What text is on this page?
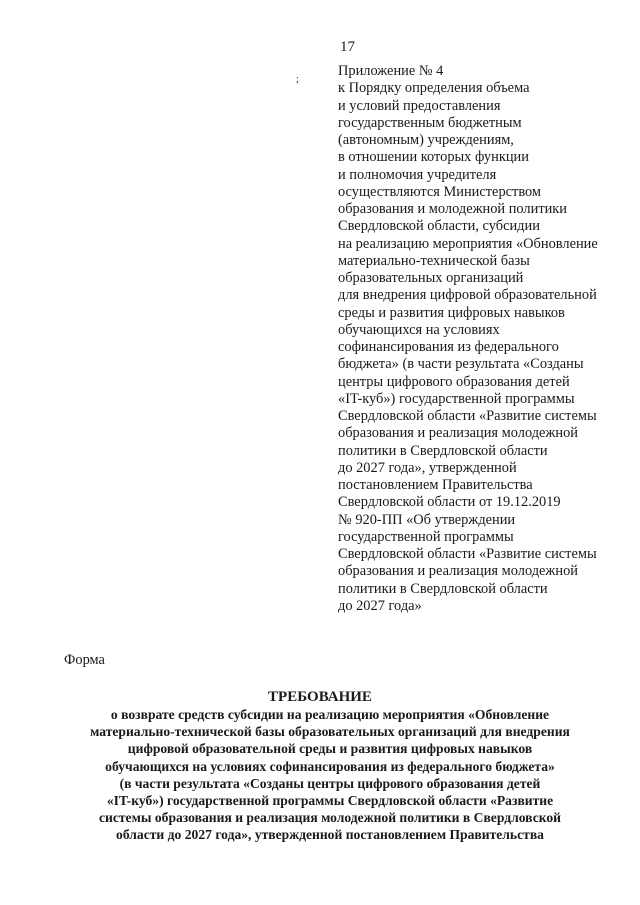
17
;
Приложение № 4
к Порядку определения объема
и условий предоставления
государственным бюджетным
(автономным) учреждениям,
в отношении которых функции
и полномочия учредителя
осуществляются Министерством
образования и молодежной политики
Свердловской области, субсидии
на реализацию мероприятия «Обновление
материально-технической базы
образовательных организаций
для внедрения цифровой образовательной
среды и развития цифровых навыков
обучающихся на условиях
софинансирования из федерального
бюджета» (в части результата «Созданы
центры цифрового образования детей
«IT-куб») государственной программы
Свердловской области «Развитие системы
образования и реализация молодежной
политики в Свердловской области
до 2027 года», утвержденной
постановлением Правительства
Свердловской области от 19.12.2019
№ 920-ПП «Об утверждении
государственной программы
Свердловской области «Развитие системы
образования и реализация молодежной
политики в Свердловской области
до 2027 года»
Форма
ТРЕБОВАНИЕ
о возврате средств субсидии на реализацию мероприятия «Обновление
материально-технической базы образовательных организаций для внедрения
цифровой образовательной среды и развития цифровых навыков
обучающихся на условиях софинансирования из федерального бюджета»
(в части результата «Созданы центры цифрового образования детей
«IT-куб») государственной программы Свердловской области «Развитие
системы образования и реализация молодежной политики в Свердловской
области до 2027 года», утвержденной постановлением Правительства
